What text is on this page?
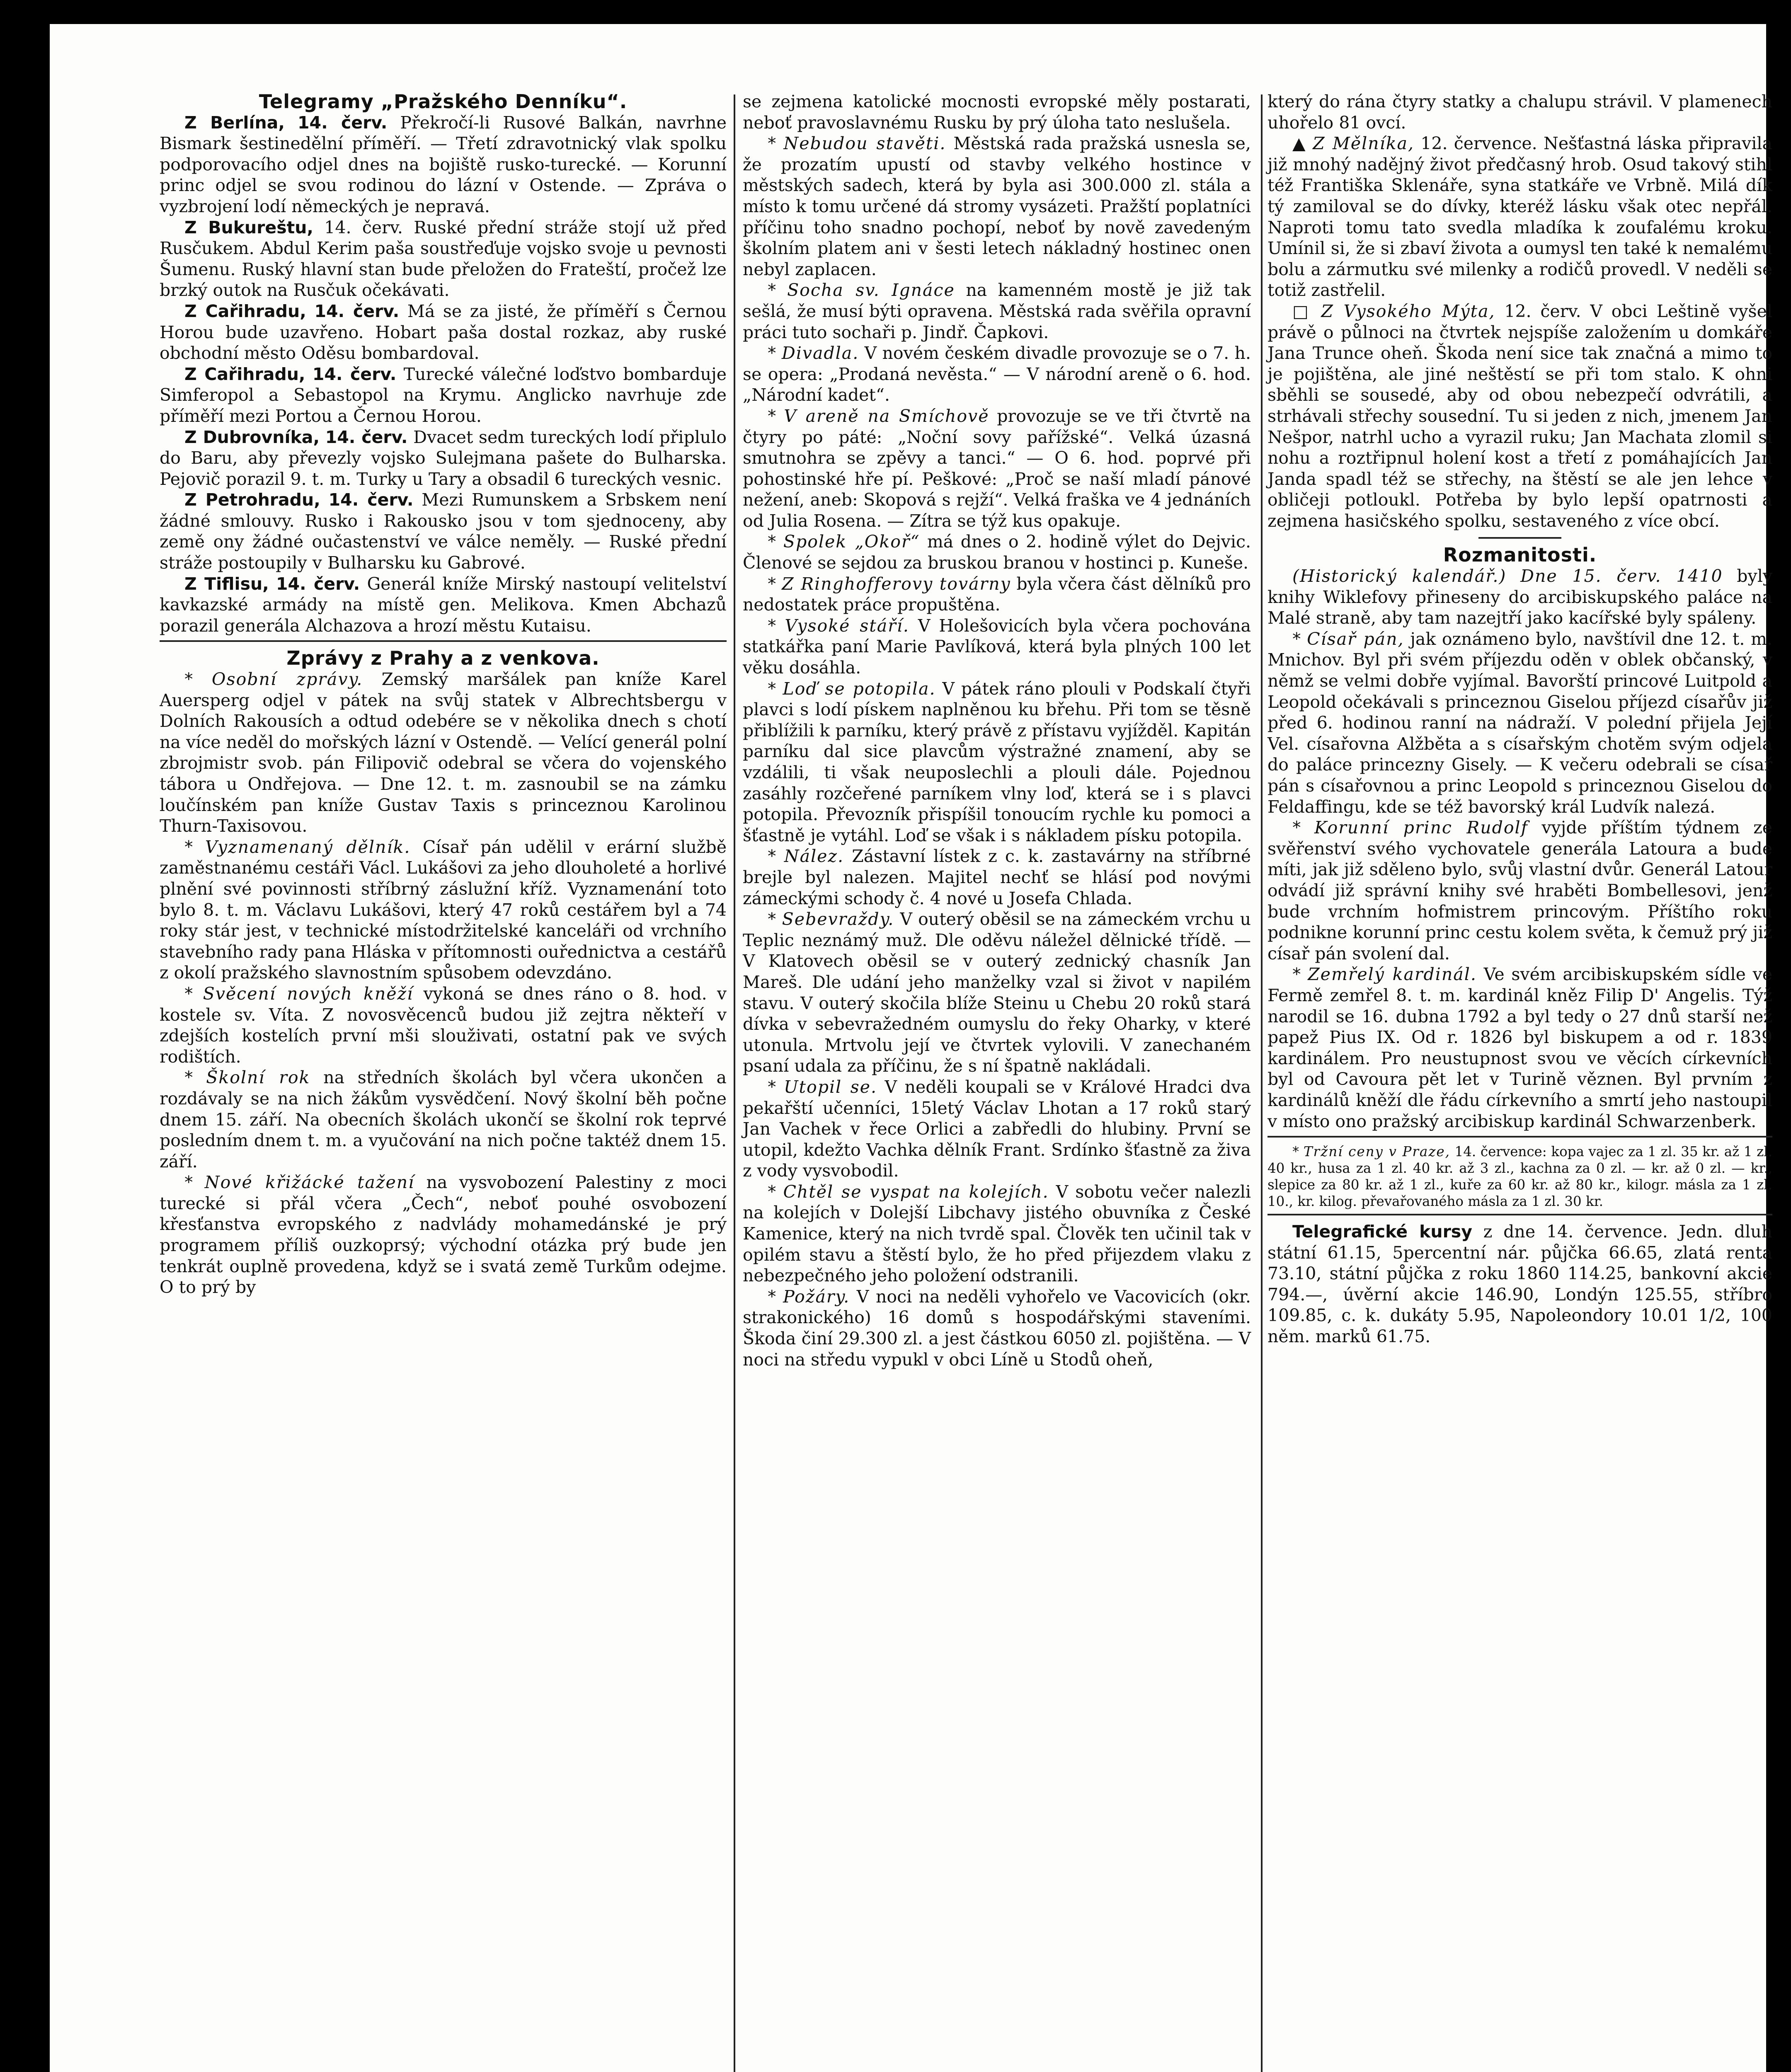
Telegramy „Pražského Denníku“.

Z Berlína, 14. červ. Překročí-li Rusové Balkán, navrhne Bismark šestinedělní příměří. — Třetí zdravotnický vlak spolku podporovacího odjel dnes na bojiště rusko-turecké. — Korunní princ odjel se svou rodinou do lázní v Ostende. — Zpráva o vyzbrojení lodí německých je nepravá.

Z Bukureštu, 14. červ. Ruské přední stráže stojí už před Rusčukem. Abdul Kerim paša soustřeďuje vojsko svoje u pevnosti Šumenu. Ruský hlavní stan bude přeložen do Frateští, pročež lze brzký outok na Rusčuk očekávati.

Z Cařihradu, 14. červ. Má se za jisté, že příměří s Černou Horou bude uzavřeno. Hobart paša dostal rozkaz, aby ruské obchodní město Oděsu bombardoval.

Z Cařihradu, 14. červ. Turecké válečné loďstvo bombarduje Simferopol a Sebastopol na Krymu. Anglicko navrhuje zde příměří mezi Portou a Černou Horou.

Z Dubrovníka, 14. červ. Dvacet sedm tureckých lodí připlulo do Baru, aby převezly vojsko Sulejmana pašete do Bulharska. Pejovič porazil 9. t. m. Turky u Tary a obsadil 6 tureckých vesnic.

Z Petrohradu, 14. červ. Mezi Rumunskem a Srbskem není žádné smlouvy. Rusko i Rakousko jsou v tom sjednoceny, aby země ony žádné oučastenství ve válce neměly. — Ruské přední stráže postoupily v Bulharsku ku Gabrové.

Z Tiflisu, 14. červ. Generál kníže Mirský nastoupí velitelství kavkazské armády na místě gen. Melikova. Kmen Abchazů porazil generála Alchazova a hrozí městu Kutaisu.

Zprávy z Prahy a z venkova.

* Osobní zprávy. Zemský maršálek pan kníže Karel Auersperg odjel v pátek na svůj statek v Albrechtsbergu v Dolních Rakousích a odtud odebére se v několika dnech s chotí na více neděl do mořských lázní v Ostendě. — Velící generál polní zbrojmistr svob. pán Filipovič odebral se včera do vojenského tábora u Ondřejova. — Dne 12. t. m. zasnoubil se na zámku loučínském pan kníže Gustav Taxis s princeznou Karolinou Thurn-Taxisovou.

* Vyznamenaný dělník. Císař pán udělil v erární službě zaměstnanému cestáři Václ. Lukášovi za jeho dlouholeté a horlivé plnění své povinnosti stříbrný záslužní kříž. Vyznamenání toto bylo 8. t. m. Václavu Lukášovi, který 47 roků cestářem byl a 74 roky stár jest, v technické místodržitelské kanceláři od vrchního stavebního rady pana Hláska v přítomnosti ouřednictva a cestářů z okolí pražského slavnostním spůsobem odevzdáno.

* Svěcení nových kněží vykoná se dnes ráno o 8. hod. v kostele sv. Víta. Z novosvěcenců budou již zejtra někteří v zdejších kostelích první mši slouživati, ostatní pak ve svých rodištích.

* Školní rok na středních školách byl včera ukončen a rozdávaly se na nich žákům vysvědčení. Nový školní běh počne dnem 15. září. Na obecních školách ukončí se školní rok teprvé posledním dnem t. m. a vyučování na nich počne taktéž dnem 15. září.

* Nové křižácké tažení na vysvobození Palestiny z moci turecké si přál včera „Čech“, neboť pouhé osvobození křesťanstva evropského z nadvlády mohamedánské je prý programem příliš ouzkoprsý; východní otázka prý bude jen tenkrát ouplně provedena, když se i svatá země Turkům odejme. O to prý by

se zejmena katolické mocnosti evropské měly postarati, neboť pravoslavnému Rusku by prý úloha tato neslušela.

* Nebudou stavěti. Městská rada pražská usnesla se, že prozatím upustí od stavby velkého hostince v městských sadech, která by byla asi 300.000 zl. stála a místo k tomu určené dá stromy vysázeti. Pražští poplatníci příčinu toho snadno pochopí, neboť by nově zavedeným školním platem ani v šesti letech nákladný hostinec onen nebyl zaplacen.

* Socha sv. Ignáce na kamenném mostě je již tak sešlá, že musí býti opravena. Městská rada svěřila opravní práci tuto sochaři p. Jindř. Čapkovi.

* Divadla. V novém českém divadle provozuje se o 7. h. se opera: „Prodaná nevěsta.“ — V národní areně o 6. hod. „Národní kadet“.

* V areně na Smíchově provozuje se ve tři čtvrtě na čtyry po páté: „Noční sovy pařížské“. Velká úzasná smutnohra se zpěvy a tanci.“ — O 6. hod. poprvé při pohostinské hře pí. Peškové: „Proč se naší mladí pánové nežení, aneb: Skopová s rejží“. Velká fraška ve 4 jednáních od Julia Rosena. — Zítra se týž kus opakuje.

* Spolek „Okoř“ má dnes o 2. hodině výlet do Dejvic. Členové se sejdou za bruskou branou v hostinci p. Kuneše.

* Z Ringhofferovy továrny byla včera část dělníků pro nedostatek práce propuštěna.

* Vysoké stáří. V Holešovicích byla včera pochována statkářka paní Marie Pavlíková, která byla plných 100 let věku dosáhla.

* Loď se potopila. V pátek ráno plouli v Podskalí čtyři plavci s lodí pískem naplněnou ku břehu. Při tom se těsně přiblížili k parníku, který právě z přístavu vyjížděl. Kapitán parníku dal sice plavcům výstražné znamení, aby se vzdálili, ti však neuposlechli a plouli dále. Pojednou zasáhly rozčeřené parníkem vlny loď, která se i s plavci potopila. Převozník přispíšil tonoucím rychle ku pomoci a šťastně je vytáhl. Loď se však i s nákladem písku potopila.

* Nález. Zástavní lístek z c. k. zastavárny na stříbrné brejle byl nalezen. Majitel nechť se hlásí pod novými zámeckými schody č. 4 nové u Josefa Chlada.

* Sebevraždy. V outerý oběsil se na zámeckém vrchu u Teplic neznámý muž. Dle oděvu náležel dělnické třídě. — V Klatovech oběsil se v outerý zednický chasník Jan Mareš. Dle udání jeho manželky vzal si život v napilém stavu. V outerý skočila blíže Steinu u Chebu 20 roků stará dívka v sebevražedném oumyslu do řeky Oharky, v které utonula. Mrtvolu její ve čtvrtek vylovili. V zanechaném psaní udala za příčinu, že s ní špatně nakládali.

* Utopil se. V neděli koupali se v Králové Hradci dva pekařští učenníci, 15letý Václav Lhotan a 17 roků starý Jan Vachek v řece Orlici a zabředli do hlubiny. První se utopil, kdežto Vachka dělník Frant. Srdínko šťastně za živa z vody vysvobodil.

* Chtěl se vyspat na kolejích. V sobotu večer nalezli na kolejích v Dolejší Libchavy jistého obuvníka z České Kamenice, který na nich tvrdě spal. Člověk ten učinil tak v opilém stavu a štěstí bylo, že ho před přijezdem vlaku z nebezpečného jeho položení odstranili.

* Požáry. V noci na neděli vyhořelo ve Vacovicích (okr. strakonického) 16 domů s hospodářskými staveními. Škoda činí 29.300 zl. a jest částkou 6050 zl. pojištěna. — V noci na středu vypukl v obci Líně u Stodů oheň,

který do rána čtyry statky a chalupu strávil. V plamenech uhořelo 81 ovcí.

▲ Z Mělníka, 12. července. Nešťastná láska připravila již mnohý nadějný život předčasný hrob. Osud takový stihl též Františka Sklenáře, syna statkáře ve Vrbně. Milá dík tý zamiloval se do dívky, kteréž lásku však otec nepřál. Naproti tomu tato svedla mladíka k zoufalému kroku. Umínil si, že si zbaví života a oumysl ten také k nemalému bolu a zármutku své milenky a rodičů provedl. V neděli se totiž zastřelil.

□ Z Vysokého Mýta, 12. červ. V obci Leštině vyšel právě o půlnoci na čtvrtek nejspíše založením u domkáře Jana Trunce oheň. Škoda není sice tak značná a mimo to je pojištěna, ale jiné neštěstí se při tom stalo. K ohni sběhli se sousedé, aby od obou nebezpečí odvrátili, a strhávali střechy sousední. Tu si jeden z nich, jmenem Jan Nešpor, natrhl ucho a vyrazil ruku; Jan Machata zlomil si nohu a roztřipnul holení kost a třetí z pomáhajících Jan Janda spadl též se střechy, na štěstí se ale jen lehce v obličeji potloukl. Potřeba by bylo lepší opatrnosti a zejmena hasičského spolku, sestaveného z více obcí.

Rozmanitosti.

(Historický kalendář.) Dne 15. červ. 1410 byly knihy Wiklefovy přineseny do arcibiskupského paláce na Malé straně, aby tam nazejtří jako kacířské byly spáleny.

* Císař pán, jak oznámeno bylo, navštívil dne 12. t. m. Mnichov. Byl při svém příjezdu oděn v oblek občanský, v němž se velmi dobře vyjímal. Bavorští princové Luitpold a Leopold očekávali s princeznou Giselou příjezd císařův již před 6. hodinou ranní na nádraží. V polední přijela Její Vel. císařovna Alžběta a s císařským chotěm svým odjela do paláce princezny Gisely. — K večeru odebrali se císař pán s císařovnou a princ Leopold s princeznou Giselou do Feldaffingu, kde se též bavorský král Ludvík nalezá.

* Korunní princ Rudolf vyjde příštím týdnem ze svěřenství svého vychovatele generála Latoura a bude míti, jak již sděleno bylo, svůj vlastní dvůr. Generál Latour odvádí již správní knihy své hraběti Bombellesovi, jenž bude vrchním hofmistrem princovým. Příštího roku podnikne korunní princ cestu kolem světa, k čemuž prý již císař pán svolení dal.

* Zemřelý kardinál. Ve svém arcibiskupském sídle ve Fermě zemřel 8. t. m. kardinál kněz Filip D' Angelis. Týž narodil se 16. dubna 1792 a byl tedy o 27 dnů starší než papež Pius IX. Od r. 1826 byl biskupem a od r. 1839 kardinálem. Pro neustupnost svou ve věcích církevních byl od Cavoura pět let v Turině věznen. Byl prvním z kardinálů kněží dle řádu církevního a smrtí jeho nastoupil v místo ono pražský arcibiskup kardinál Schwarzenberk.

* Tržní ceny v Praze, 14. července: kopa vajec za 1 zl. 35 kr. až 1 zl. 40 kr., husa za 1 zl. 40 kr. až 3 zl., kachna za 0 zl. — kr. až 0 zl. — kr., slepice za 80 kr. až 1 zl., kuře za 60 kr. až 80 kr., kilogr. másla za 1 zl. 10., kr. kilog. převařovaného másla za 1 zl. 30 kr.

Telegrafické kursy z dne 14. července. Jedn. dluh státní 61.15, 5percentní nár. půjčka 66.65, zlatá renta 73.10, státní půjčka z roku 1860 114.25, bankovní akcie 794.—, úvěrní akcie 146.90, Londýn 125.55, stříbro 109.85, c. k. dukáty 5.95, Napoleondory 10.01 1/2, 100 něm. marků 61.75.
